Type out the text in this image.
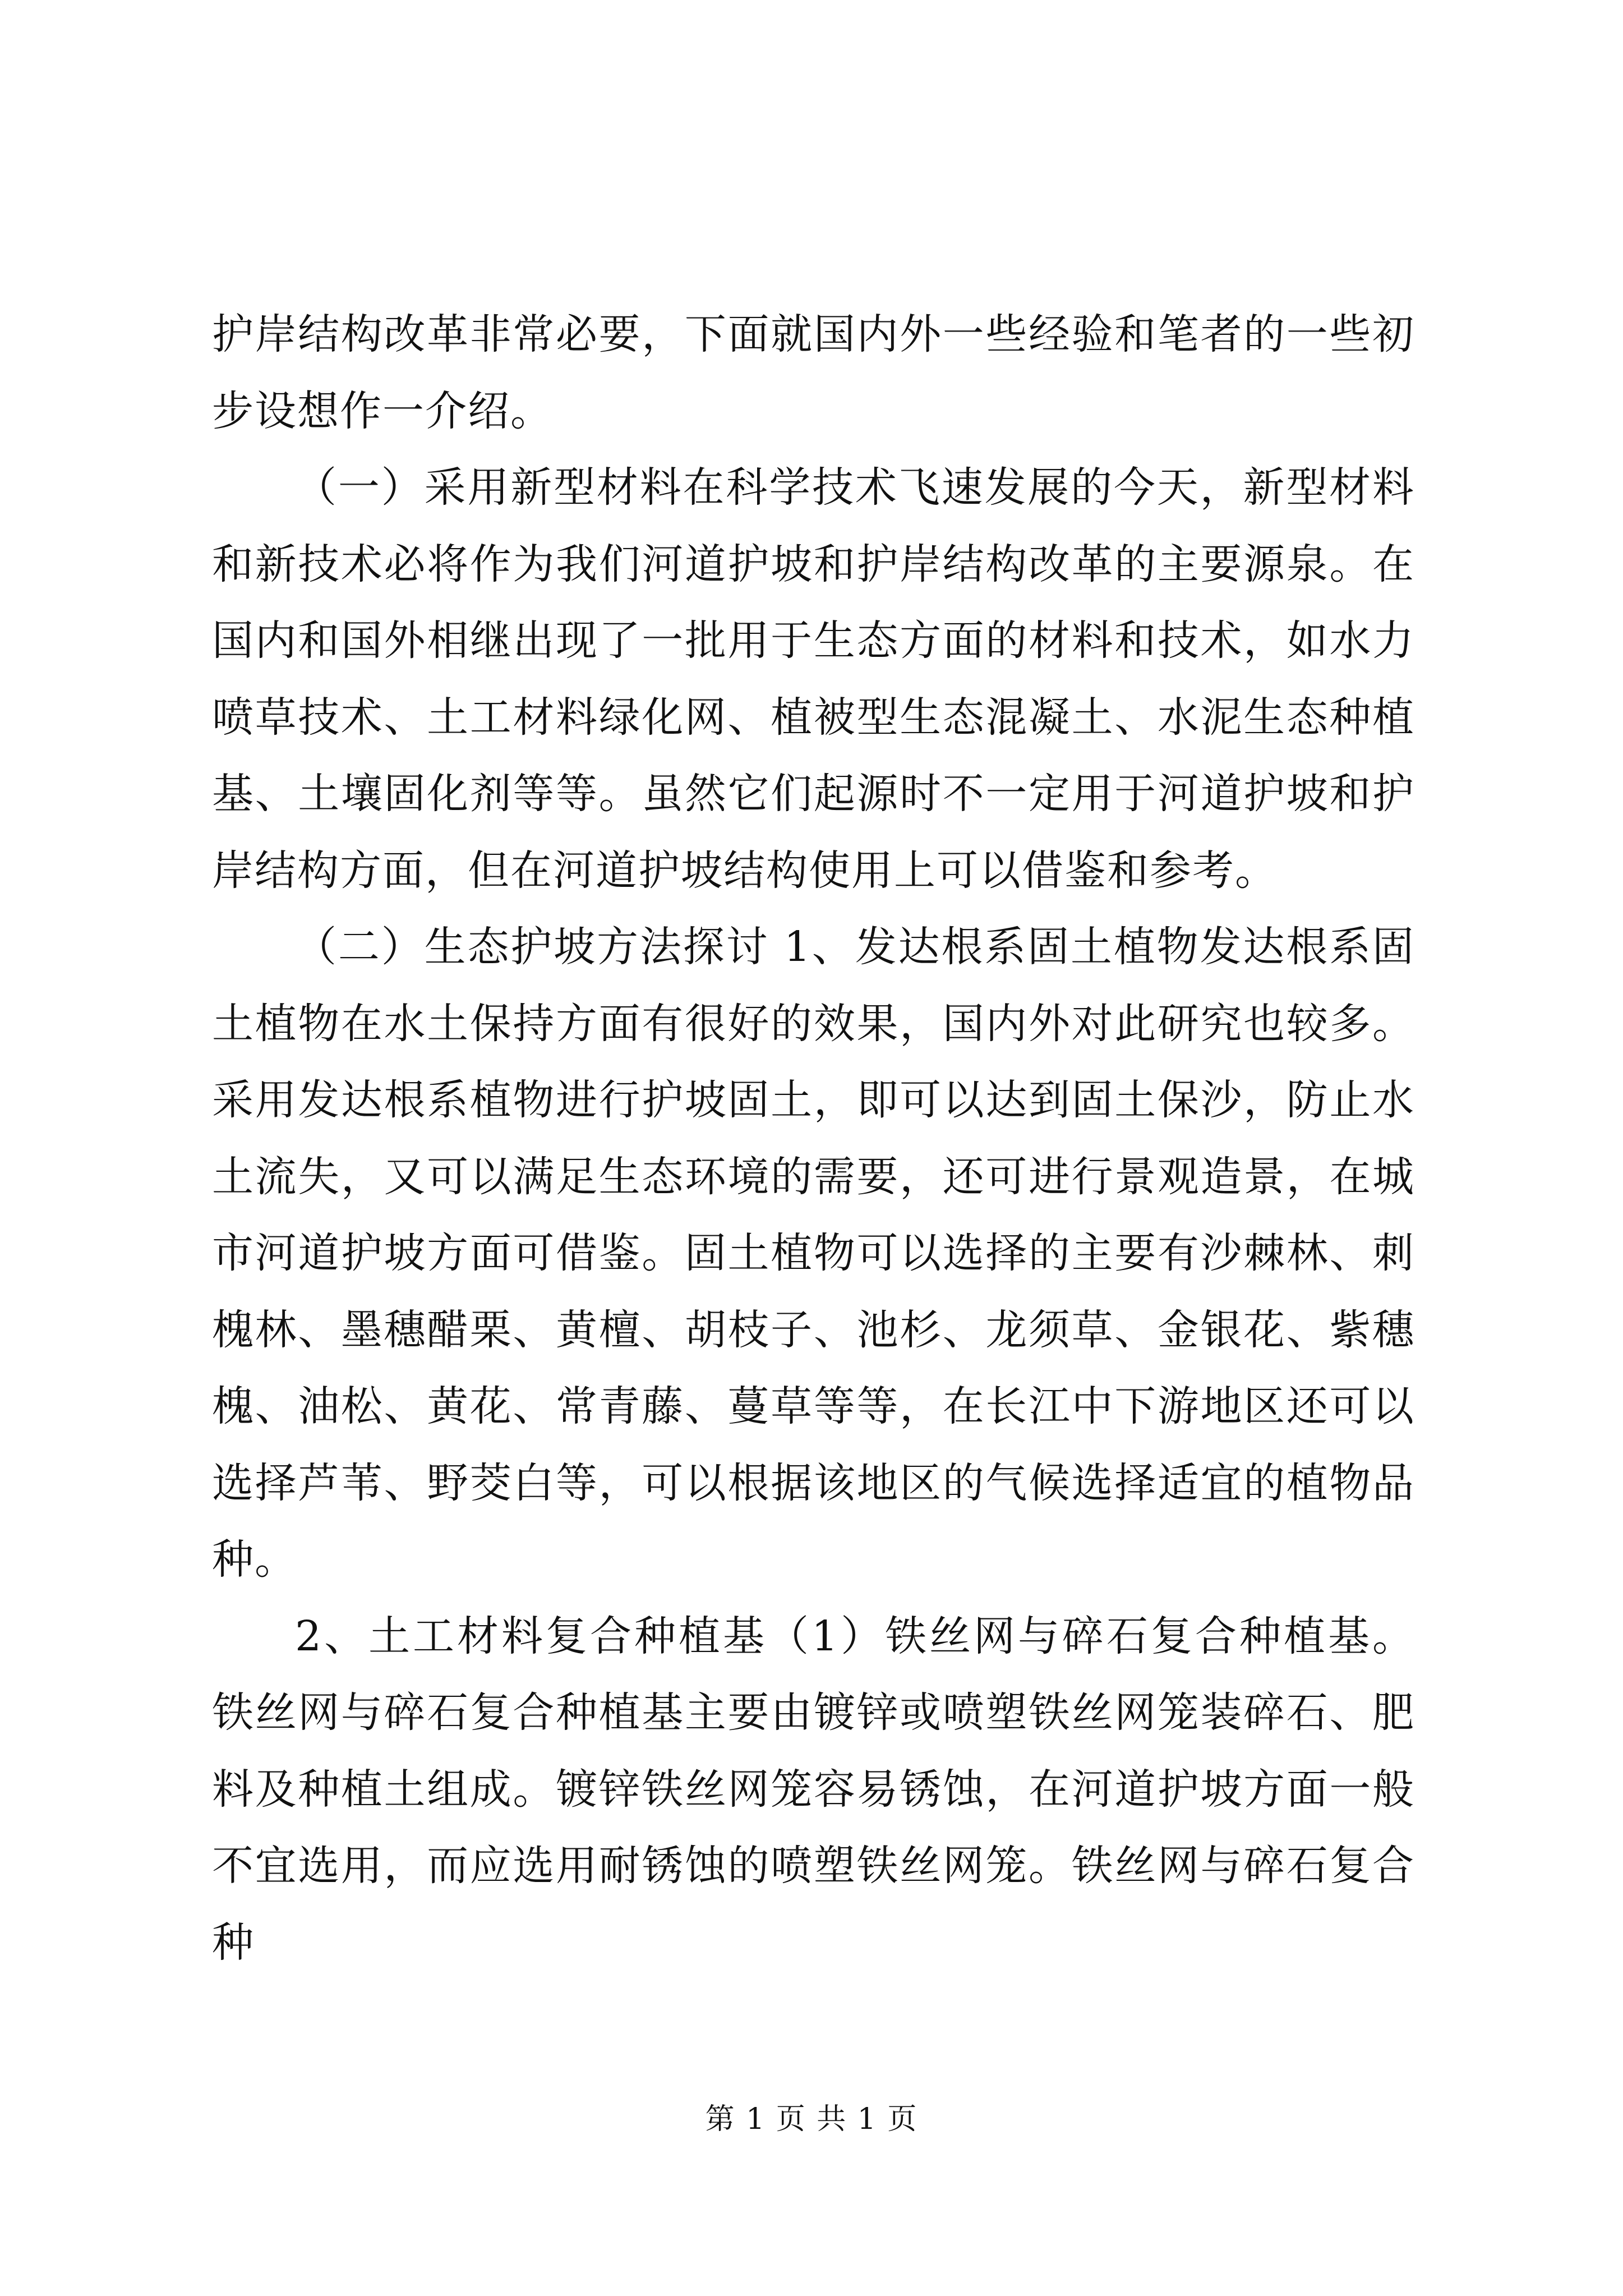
护岸结构改革非常必要，下面就国内外一些经验和笔者的一些初步设想作一介绍。

（一）采用新型材料在科学技术飞速发展的今天，新型材料和新技术必将作为我们河道护坡和护岸结构改革的主要源泉。在国内和国外相继出现了一批用于生态方面的材料和技术，如水力喷草技术、土工材料绿化网、植被型生态混凝土、水泥生态种植基、土壤固化剂等等。虽然它们起源时不一定用于河道护坡和护岸结构方面，但在河道护坡结构使用上可以借鉴和参考。

（二）生态护坡方法探讨 1、发达根系固土植物发达根系固土植物在水土保持方面有很好的效果，国内外对此研究也较多。采用发达根系植物进行护坡固土，即可以达到固土保沙，防止水土流失，又可以满足生态环境的需要，还可进行景观造景，在城市河道护坡方面可借鉴。固土植物可以选择的主要有沙棘林、刺槐林、墨穗醋栗、黄檀、胡枝子、池杉、龙须草、金银花、紫穗槐、油松、黄花、常青藤、蔓草等等，在长江中下游地区还可以选择芦苇、野茭白等，可以根据该地区的气候选择适宜的植物品种。

2、土工材料复合种植基（1）铁丝网与碎石复合种植基。铁丝网与碎石复合种植基主要由镀锌或喷塑铁丝网笼装碎石、肥料及种植土组成。镀锌铁丝网笼容易锈蚀，在河道护坡方面一般不宜选用，而应选用耐锈蚀的喷塑铁丝网笼。铁丝网与碎石复合种

第 1 页 共 1 页
